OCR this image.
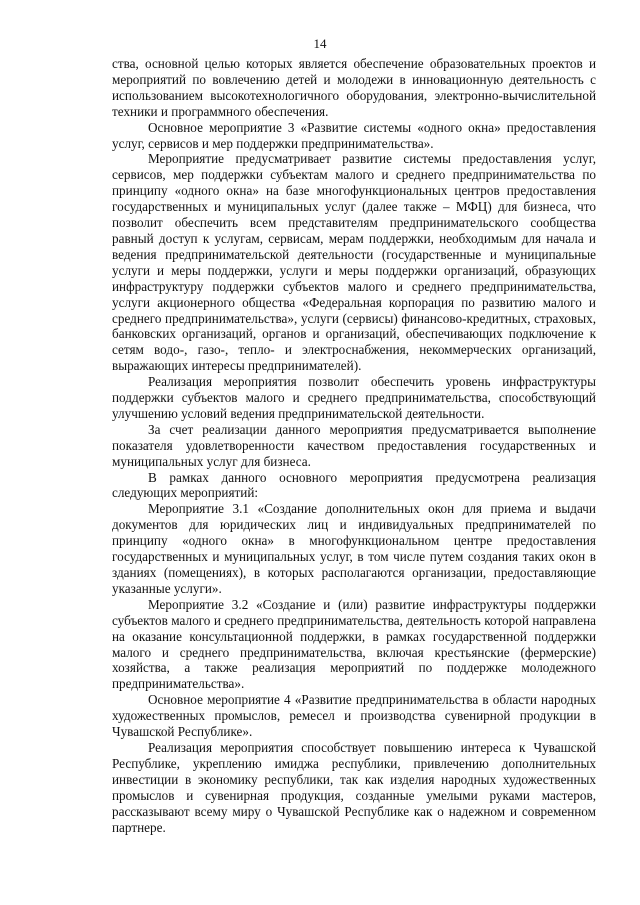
14

ства, основной целью которых является обеспечение образовательных проектов и мероприятий по вовлечению детей и молодежи в инновационную деятельность с использованием высокотехнологичного оборудования, электронно-вычислительной техники и программного обеспечения.

Основное мероприятие 3 «Развитие системы «одного окна» предоставления услуг, сервисов и мер поддержки предпринимательства».

Мероприятие предусматривает развитие системы предоставления услуг, сервисов, мер поддержки субъектам малого и среднего предпринимательства по принципу «одного окна» на базе многофункциональных центров предоставления государственных и муниципальных услуг (далее также – МФЦ) для бизнеса, что позволит обеспечить всем представителям предпринимательского сообщества равный доступ к услугам, сервисам, мерам поддержки, необходимым для начала и ведения предпринимательской деятельности (государственные и муниципальные услуги и меры поддержки, услуги и меры поддержки организаций, образующих инфраструктуру поддержки субъектов малого и среднего предпринимательства, услуги акционерного общества «Федеральная корпорация по развитию малого и среднего предпринимательства», услуги (сервисы) финансово-кредитных, страховых, банковских организаций, органов и организаций, обеспечивающих подключение к сетям водо-, газо-, тепло- и электроснабжения, некоммерческих организаций, выражающих интересы предпринимателей).

Реализация мероприятия позволит обеспечить уровень инфраструктуры поддержки субъектов малого и среднего предпринимательства, способствующий улучшению условий ведения предпринимательской деятельности.

За счет реализации данного мероприятия предусматривается выполнение показателя удовлетворенности качеством предоставления государственных и муниципальных услуг для бизнеса.

В рамках данного основного мероприятия предусмотрена реализация следующих мероприятий:

Мероприятие 3.1 «Создание дополнительных окон для приема и выдачи документов для юридических лиц и индивидуальных предпринимателей по принципу «одного окна» в многофункциональном центре предоставления государственных и муниципальных услуг, в том числе путем создания таких окон в зданиях (помещениях), в которых располагаются организации, предоставляющие указанные услуги».

Мероприятие 3.2 «Создание и (или) развитие инфраструктуры поддержки субъектов малого и среднего предпринимательства, деятельность которой направлена на оказание консультационной поддержки, в рамках государственной поддержки малого и среднего предпринимательства, включая крестьянские (фермерские) хозяйства, а также реализация мероприятий по поддержке молодежного предпринимательства».

Основное мероприятие 4 «Развитие предпринимательства в области народных художественных промыслов, ремесел и производства сувенирной продукции в Чувашской Республике».

Реализация мероприятия способствует повышению интереса к Чувашской Республике, укреплению имиджа республики, привлечению дополнительных инвестиции в экономику республики, так как изделия народных художественных промыслов и сувенирная продукция, созданные умелыми руками мастеров, рассказывают всему миру о Чувашской Республике как о надежном и современном партнере.
